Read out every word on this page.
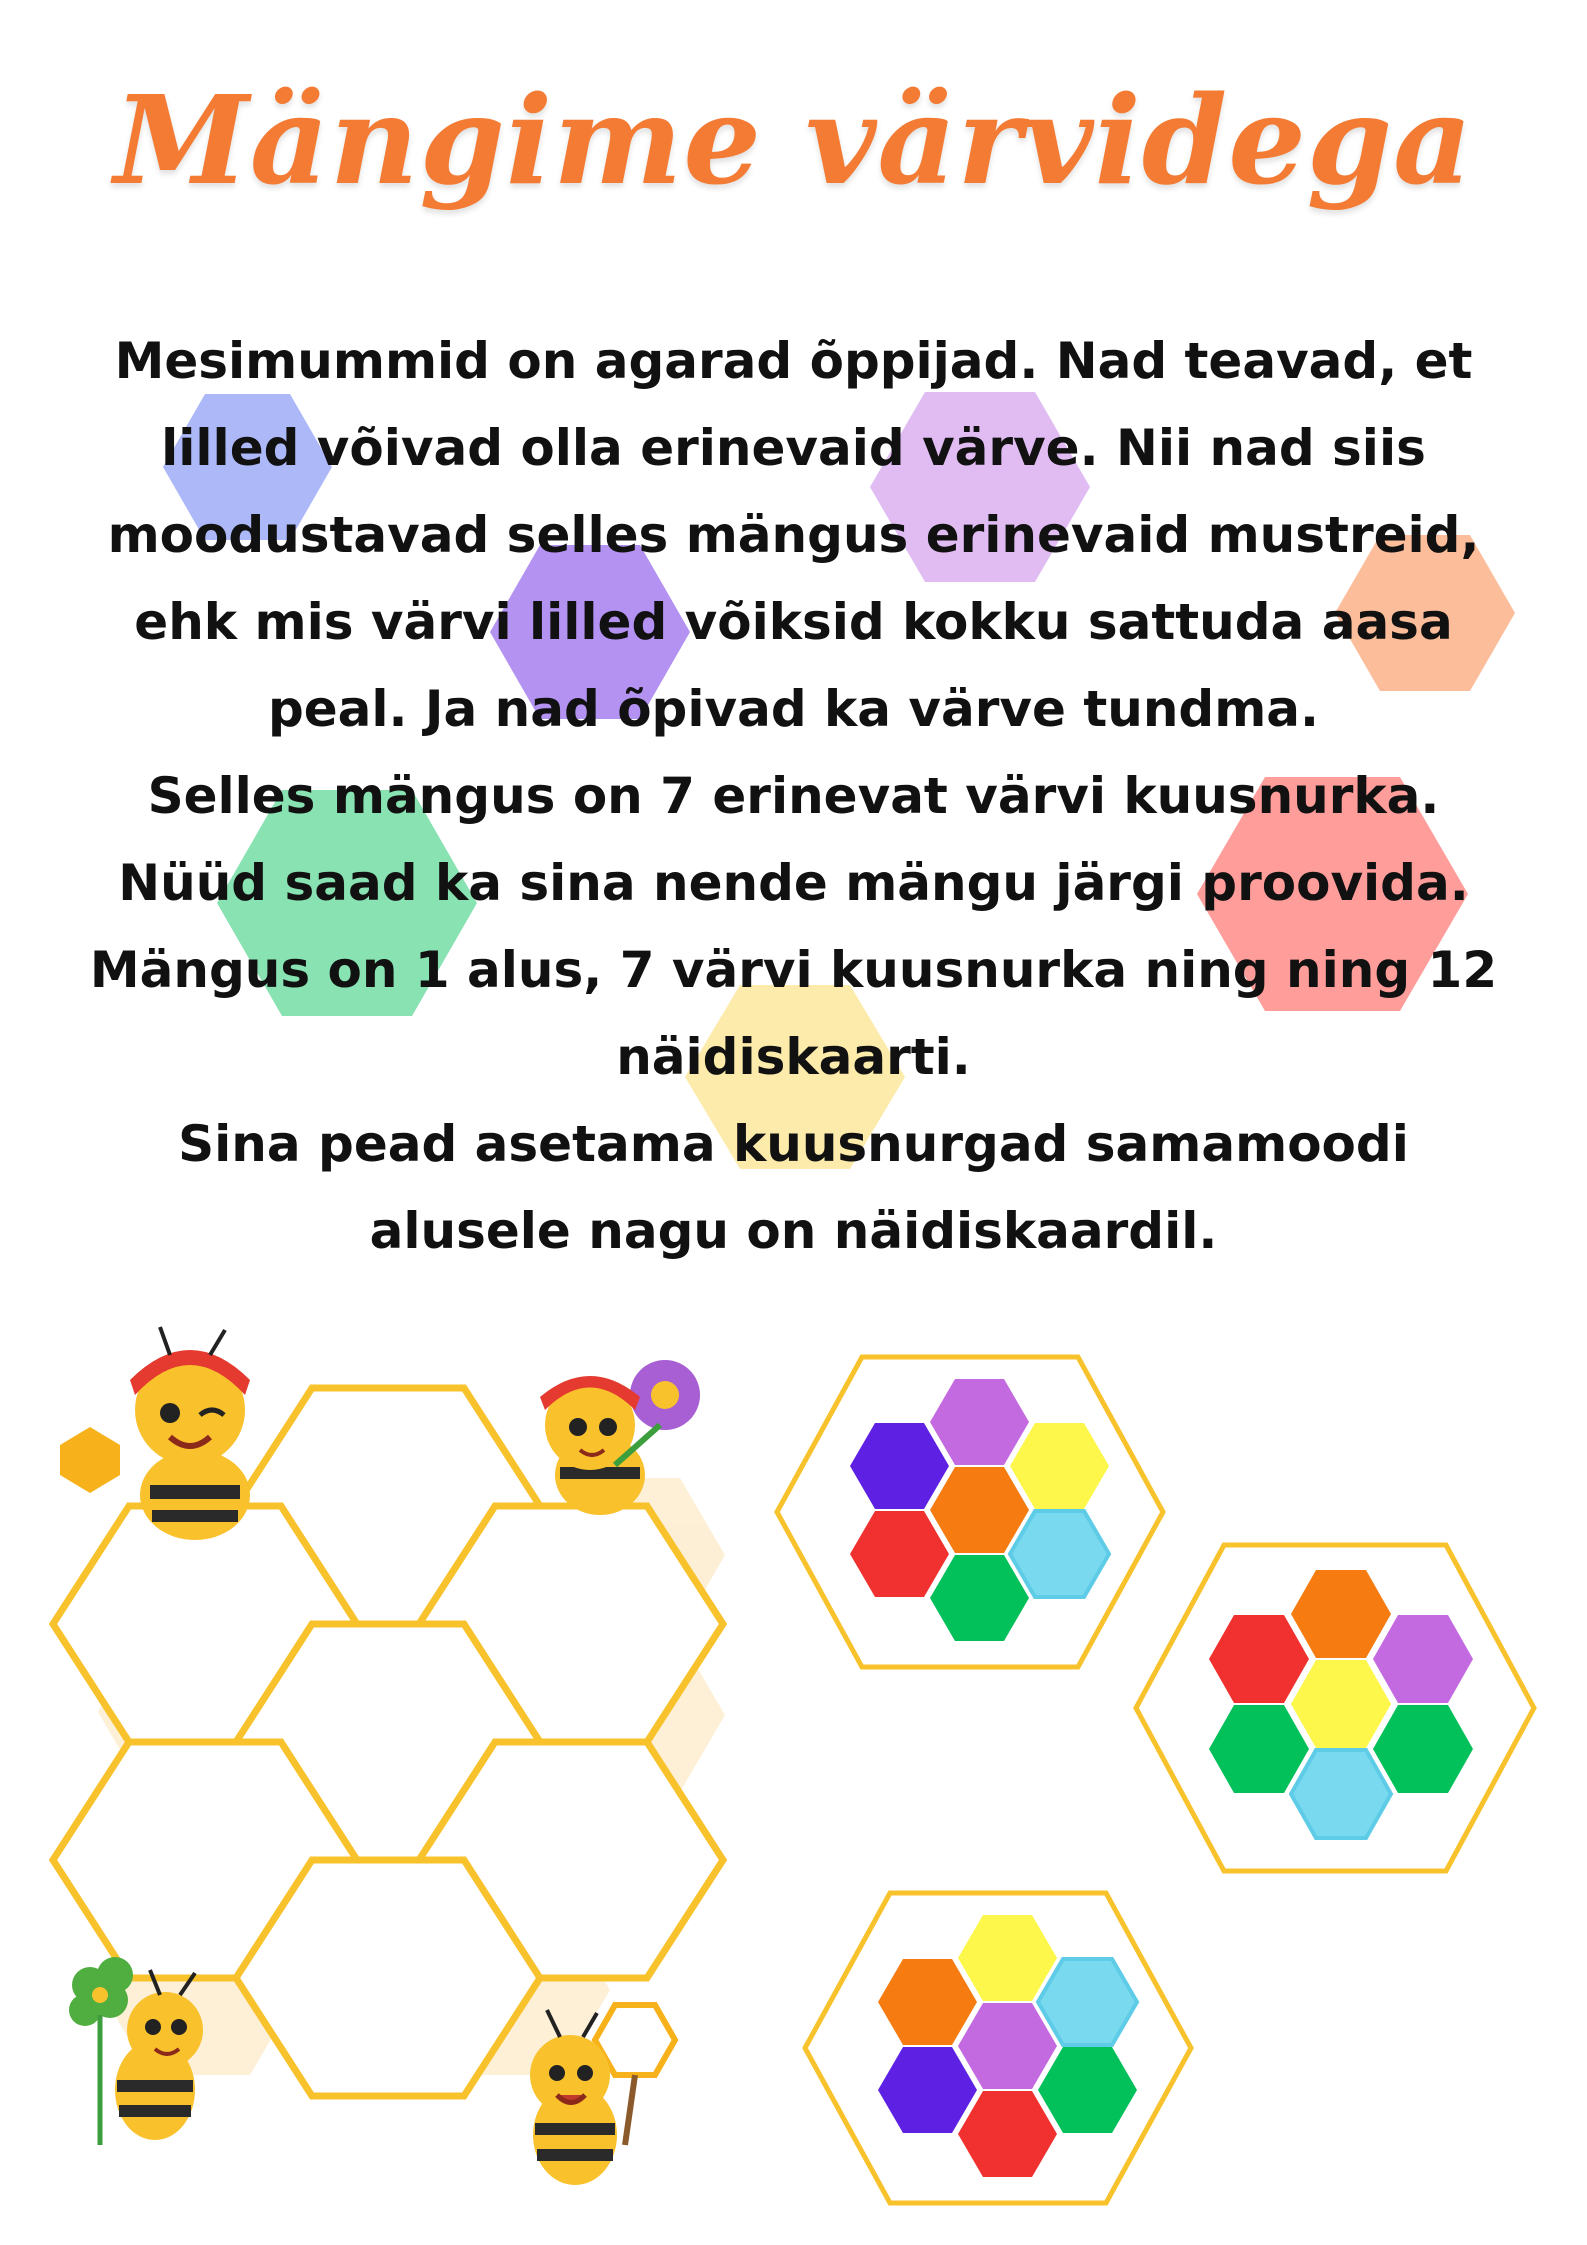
Mängime värvidega
Mesimummid on agarad õppijad. Nad teavad, et
lilled võivad olla erinevaid värve. Nii nad siis
moodustavad selles mängus erinevaid mustreid,
ehk mis värvi lilled võiksid kokku sattuda aasa
peal. Ja nad õpivad ka värve tundma.
Selles mängus on 7 erinevat värvi kuusnurka.
Nüüd saad ka sina nende mängu järgi proovida.
Mängus on 1 alus, 7 värvi kuusnurka ning ning 12
näidiskaarti.
Sina pead asetama kuusnurgad samamoodi
alusele nagu on näidiskaardil.
